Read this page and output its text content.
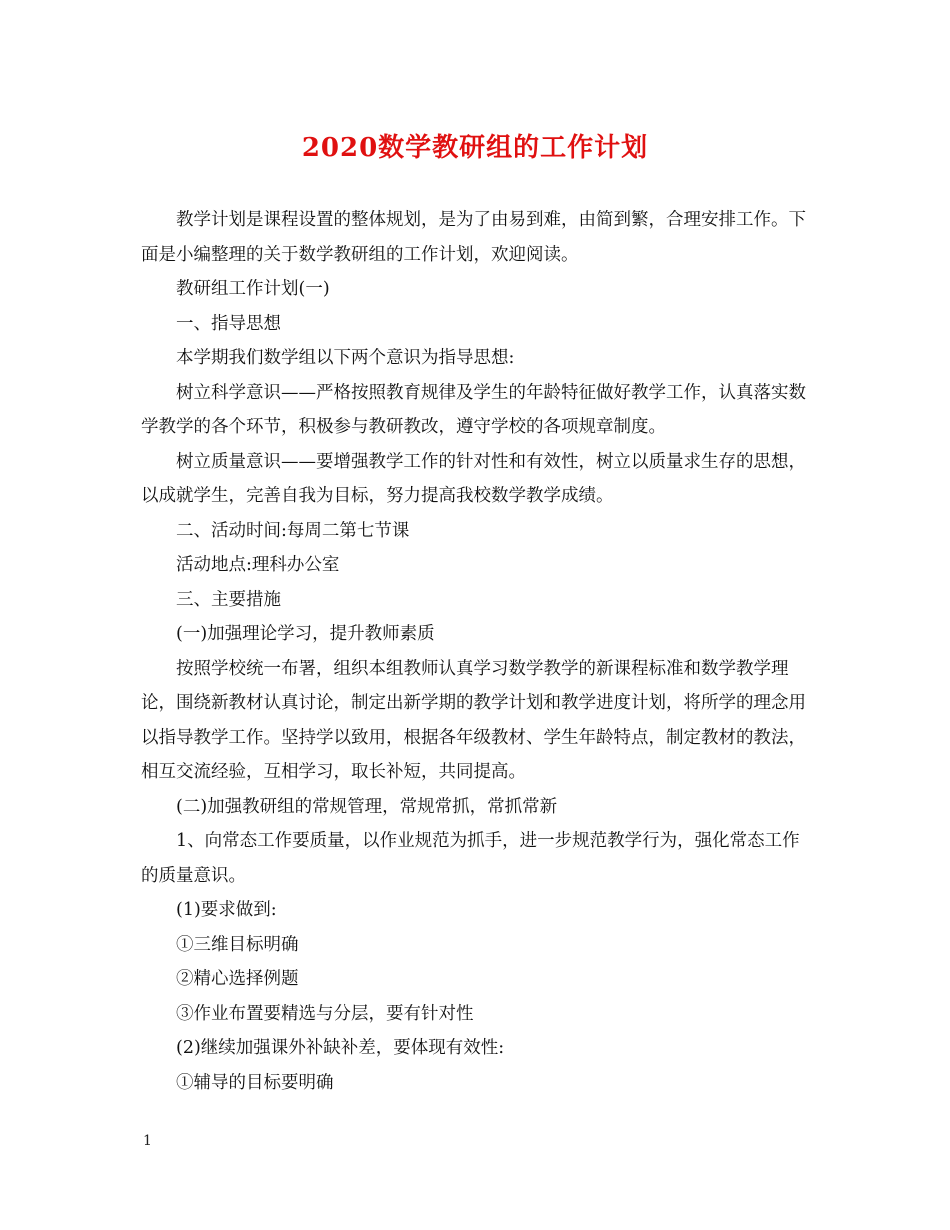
2020数学教研组的工作计划

教学计划是课程设置的整体规划，是为了由易到难，由简到繁，合理安排工作。下面是小编整理的关于数学教研组的工作计划，欢迎阅读。

教研组工作计划(一)

一、指导思想

本学期我们数学组以下两个意识为指导思想:

树立科学意识——严格按照教育规律及学生的年龄特征做好教学工作，认真落实数学教学的各个环节，积极参与教研教改，遵守学校的各项规章制度。

树立质量意识——要增强教学工作的针对性和有效性，树立以质量求生存的思想，以成就学生，完善自我为目标，努力提高我校数学教学成绩。

二、活动时间:每周二第七节课

活动地点:理科办公室

三、主要措施

(一)加强理论学习，提升教师素质

按照学校统一布署，组织本组教师认真学习数学教学的新课程标准和数学教学理论，围绕新教材认真讨论，制定出新学期的教学计划和教学进度计划，将所学的理念用以指导教学工作。坚持学以致用，根据各年级教材、学生年龄特点，制定教材的教法，相互交流经验，互相学习，取长补短，共同提高。

(二)加强教研组的常规管理，常规常抓，常抓常新

1、向常态工作要质量，以作业规范为抓手，进一步规范教学行为，强化常态工作的质量意识。

(1)要求做到:

①三维目标明确

②精心选择例题

③作业布置要精选与分层，要有针对性

(2)继续加强课外补缺补差，要体现有效性:

①辅导的目标要明确

1
